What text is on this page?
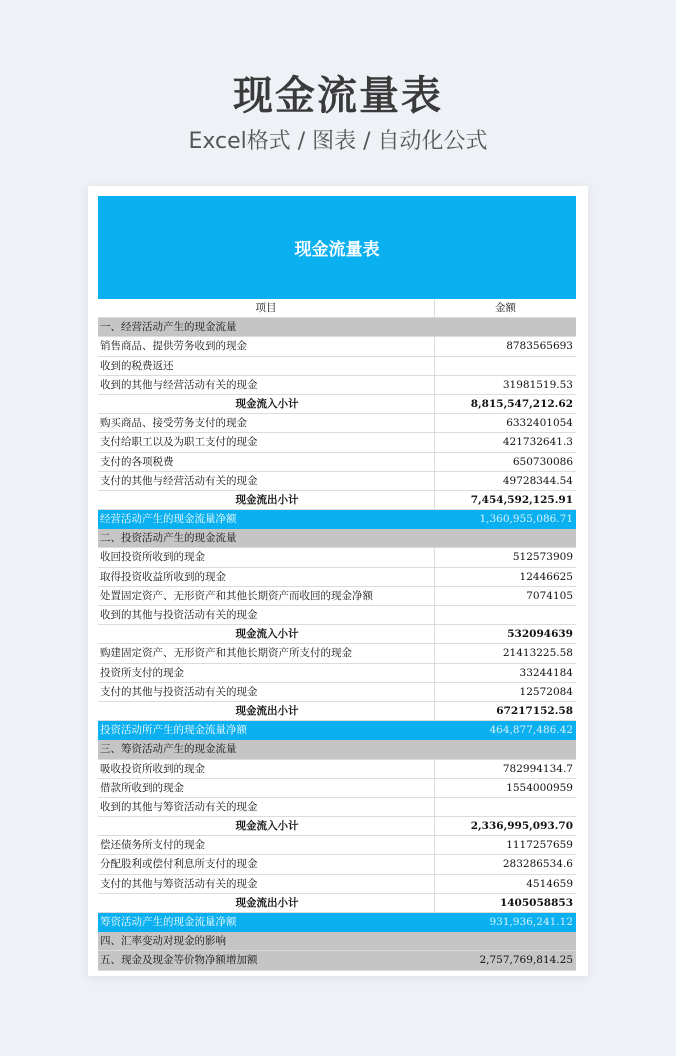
现金流量表
Excel格式 / 图表 / 自动化公式
现金流量表
项目	金额
一、经营活动产生的现金流量
销售商品、提供劳务收到的现金	8783565693
收到的税费返还
收到的其他与经营活动有关的现金	31981519.53
现金流入小计	8,815,547,212.62
购买商品、接受劳务支付的现金	6332401054
支付给职工以及为职工支付的现金	421732641.3
支付的各项税费	650730086
支付的其他与经营活动有关的现金	49728344.54
现金流出小计	7,454,592,125.91
经营活动产生的现金流量净额	1,360,955,086.71
二、投资活动产生的现金流量
收回投资所收到的现金	512573909
取得投资收益所收到的现金	12446625
处置固定资产、无形资产和其他长期资产而收回的现金净额	7074105
收到的其他与投资活动有关的现金
现金流入小计	532094639
购建固定资产、无形资产和其他长期资产所支付的现金	21413225.58
投资所支付的现金	33244184
支付的其他与投资活动有关的现金	12572084
现金流出小计	67217152.58
投资活动所产生的现金流量净额	464,877,486.42
三、筹资活动产生的现金流量
吸收投资所收到的现金	782994134.7
借款所收到的现金	1554000959
收到的其他与筹资活动有关的现金
现金流入小计	2,336,995,093.70
偿还债务所支付的现金	1117257659
分配股利或偿付利息所支付的现金	283286534.6
支付的其他与筹资活动有关的现金	4514659
现金流出小计	1405058853
筹资活动产生的现金流量净额	931,936,241.12
四、汇率变动对现金的影响
五、现金及现金等价物净额增加额	2,757,769,814.25
